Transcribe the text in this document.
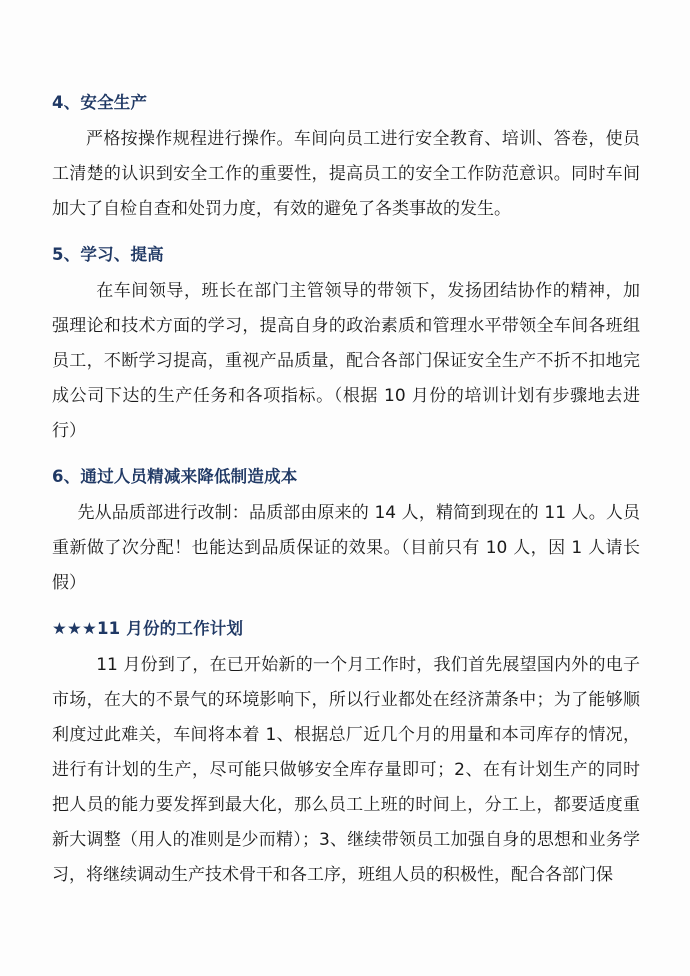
4、安全生产

严格按操作规程进行操作。车间向员工进行安全教育、培训、答卷，使员工清楚的认识到安全工作的重要性，提高员工的安全工作防范意识。同时车间加大了自检自查和处罚力度，有效的避免了各类事故的发生。

5、学习、提高

在车间领导，班长在部门主管领导的带领下，发扬团结协作的精神，加强理论和技术方面的学习，提高自身的政治素质和管理水平带领全车间各班组员工，不断学习提高，重视产品质量，配合各部门保证安全生产不折不扣地完成公司下达的生产任务和各项指标。（根据 10 月份的培训计划有步骤地去进行）

6、通过人员精减来降低制造成本

先从品质部进行改制：品质部由原来的 14 人，精简到现在的 11 人。人员重新做了次分配！也能达到品质保证的效果。（目前只有 10 人，因 1 人请长假）

★★★11 月份的工作计划

11 月份到了，在已开始新的一个月工作时，我们首先展望国内外的电子市场，在大的不景气的环境影响下，所以行业都处在经济萧条中；为了能够顺利度过此难关，车间将本着 1、根据总厂近几个月的用量和本司库存的情况，进行有计划的生产，尽可能只做够安全库存量即可；2、在有计划生产的同时把人员的能力要发挥到最大化，那么员工上班的时间上，分工上，都要适度重新大调整（用人的准则是少而精）；3、继续带领员工加强自身的思想和业务学习，将继续调动生产技术骨干和各工序，班组人员的积极性，配合各部门保
